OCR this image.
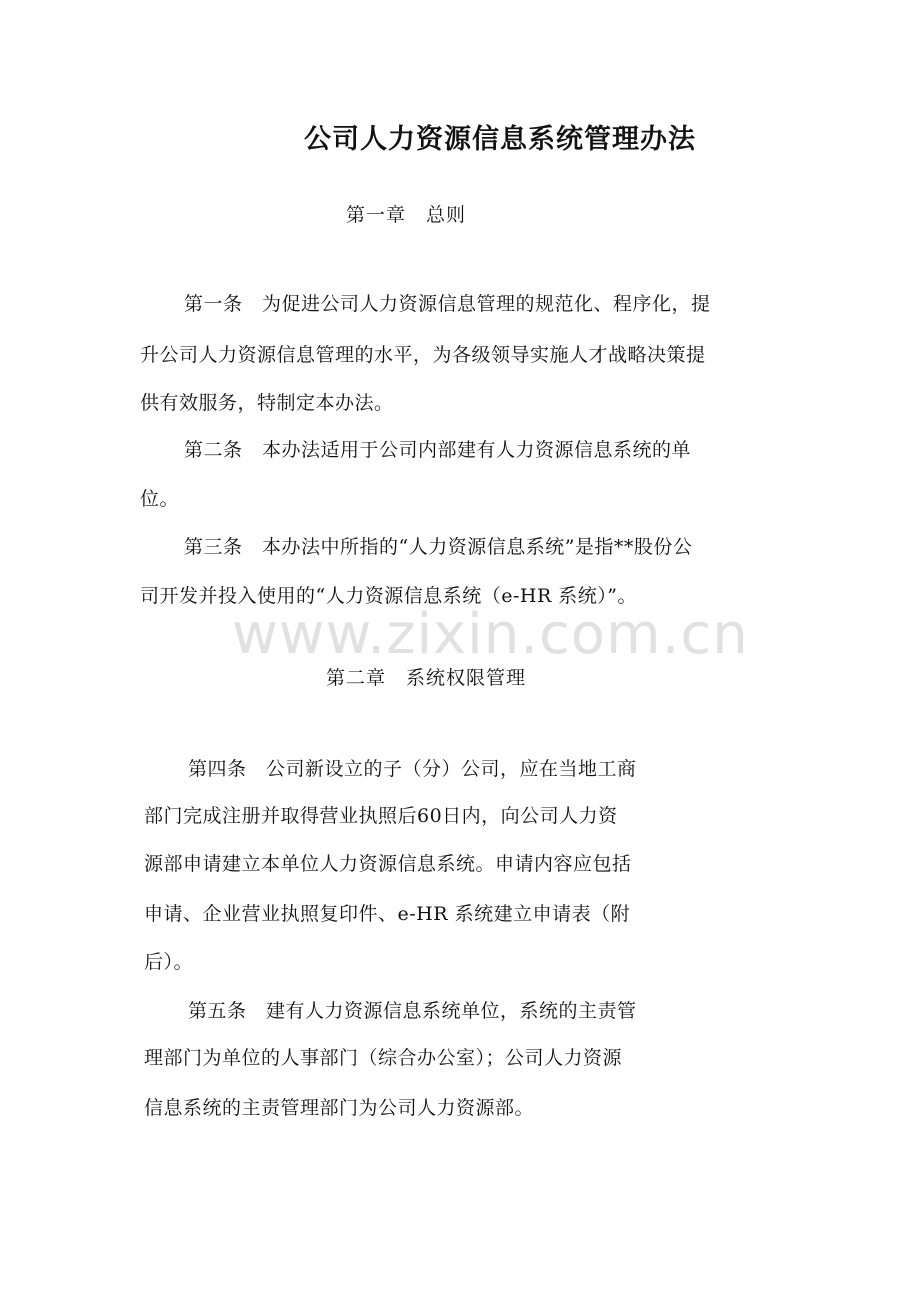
公司人力资源信息系统管理办法
第一章　总则
第一条　为促进公司人力资源信息管理的规范化、程序化，提
升公司人力资源信息管理的水平，为各级领导实施人才战略决策提
供有效服务，特制定本办法。
第二条　本办法适用于公司内部建有人力资源信息系统的单
位。
第三条　本办法中所指的“人力资源信息系统”是指**股份公
司开发并投入使用的“人力资源信息系统（e-HR 系统）”。
www.zixin.com.cn
第二章　系统权限管理
第四条　公司新设立的子（分）公司，应在当地工商
部门完成注册并取得营业执照后60日内，向公司人力资
源部申请建立本单位人力资源信息系统。申请内容应包括
申请、企业营业执照复印件、e-HR 系统建立申请表（附
后）。
第五条　建有人力资源信息系统单位，系统的主责管
理部门为单位的人事部门（综合办公室）；公司人力资源
信息系统的主责管理部门为公司人力资源部。
